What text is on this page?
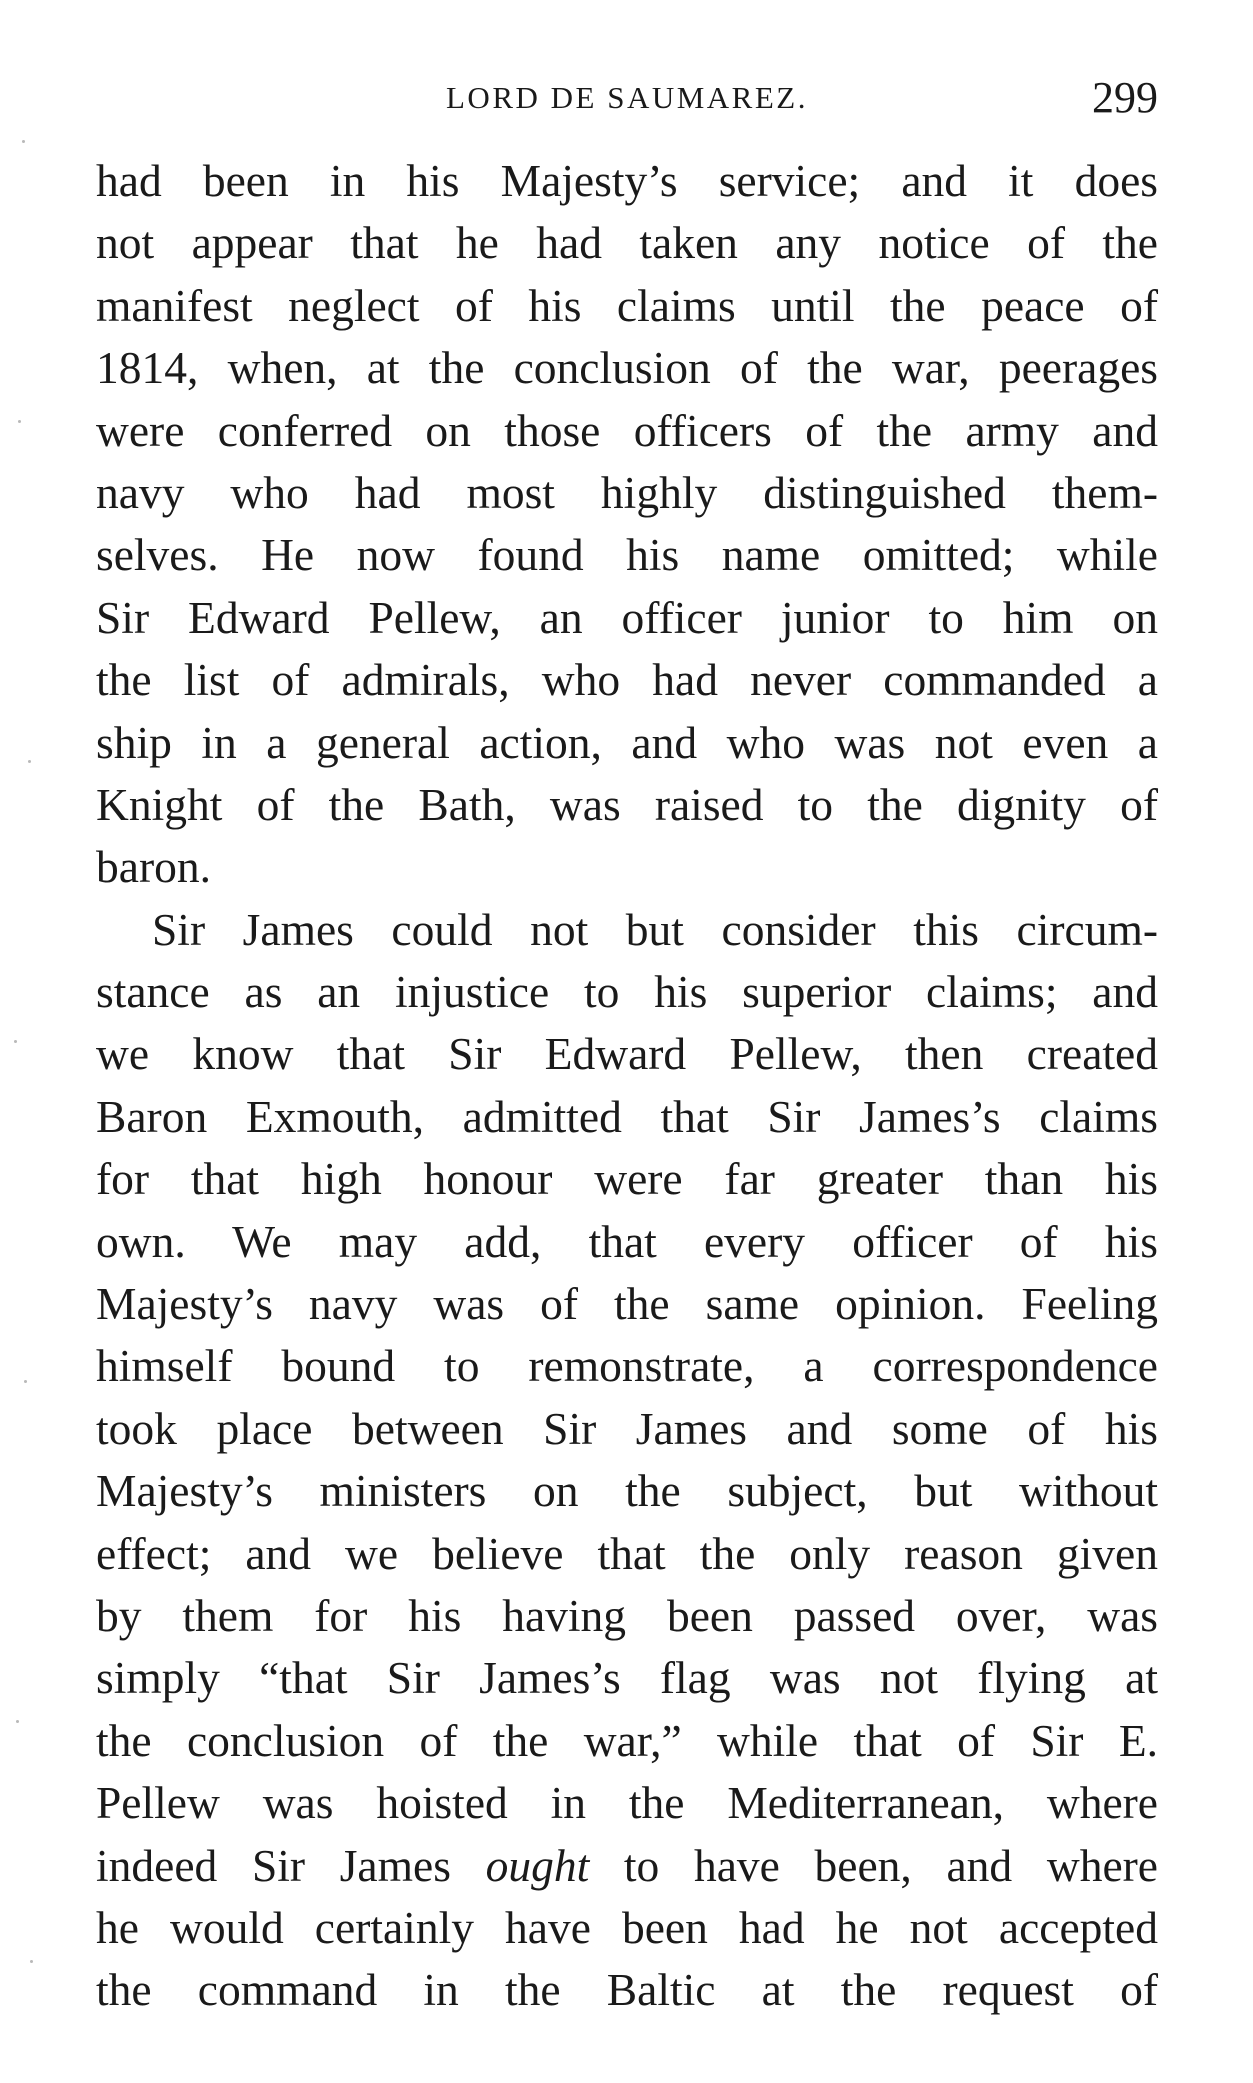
LORD DE SAUMAREZ.	299
had been in his Majesty’s service; and it does
not appear that he had taken any notice of the
manifest neglect of his claims until the peace of
1814, when, at the conclusion of the war, peerages
were conferred on those officers of the army and
navy who had most highly distinguished them-
selves. He now found his name omitted; while
Sir Edward Pellew, an officer junior to him on
the list of admirals, who had never commanded a
ship in a general action, and who was not even a
Knight of the Bath, was raised to the dignity of
baron.
Sir James could not but consider this circum-
stance as an injustice to his superior claims; and
we know that Sir Edward Pellew, then created
Baron Exmouth, admitted that Sir James’s claims
for that high honour were far greater than his
own. We may add, that every officer of his
Majesty’s navy was of the same opinion. Feeling
himself bound to remonstrate, a correspondence
took place between Sir James and some of his
Majesty’s ministers on the subject, but without
effect; and we believe that the only reason given
by them for his having been passed over, was
simply “that Sir James’s flag was not flying at
the conclusion of the war,” while that of Sir E.
Pellew was hoisted in the Mediterranean, where
indeed Sir James ought to have been, and where
he would certainly have been had he not accepted
the command in the Baltic at the request of
